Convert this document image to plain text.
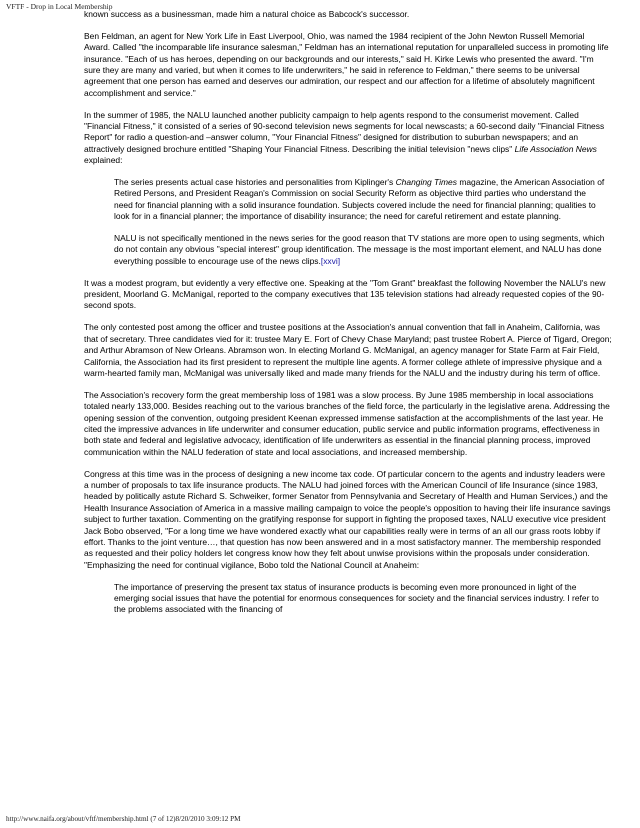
VFTF - Drop in Local Membership

known success as a businessman, made him a natural choice as Babcock's successor.

Ben Feldman, an agent for New York Life in East Liverpool, Ohio, was named the 1984 recipient of the John Newton Russell Memorial Award. Called "the incomparable life insurance salesman," Feldman has an international reputation for unparalleled success in promoting life insurance. "Each of us has heroes, depending on our backgrounds and our interests," said H. Kirke Lewis who presented the award. "I'm sure they are many and varied, but when it comes to life underwriters," he said in reference to Feldman," there seems to be universal agreement that one person has earned and deserves our admiration, our respect and our affection for a lifetime of absolutely magnificent accomplishment and service."

In the summer of 1985, the NALU launched another publicity campaign to help agents respond to the consumerist movement. Called "Financial Fitness," it consisted of a series of 90-second television news segments for local newscasts; a 60-second daily "Financial Fitness Report" for radio a question-and –answer column, "Your Financial Fitness" designed for distribution to suburban newspapers; and an attractively designed brochure entitled "Shaping Your Financial Fitness. Describing the initial television "news clips" Life Association News explained:

The series presents actual case histories and personalities from Kiplinger's Changing Times magazine, the American Association of Retired Persons, and President Reagan's Commission on social Security Reform as objective third parties who understand the need for financial planning with a solid insurance foundation. Subjects covered include the need for financial planning; qualities to look for in a financial planner; the importance of disability insurance; the need for careful retirement and estate planning.

NALU is not specifically mentioned in the news series for the good reason that TV stations are more open to using segments, which do not contain any obvious "special interest" group identification. The message is the most important element, and NALU has done everything possible to encourage use of the news clips.[xxvi]

It was a modest program, but evidently a very effective one. Speaking at the "Tom Grant" breakfast the following November the NALU's new president, Moorland G. McManigal, reported to the company executives that 135 television stations had already requested copies of the 90-second spots.

The only contested post among the officer and trustee positions at the Association's annual convention that fall in Anaheim, California, was that of secretary. Three candidates vied for it: trustee Mary E. Fort of Chevy Chase Maryland; past trustee Robert A. Pierce of Tigard, Oregon; and Arthur Abramson of New Orleans. Abramson won. In electing Morland G. McManigal, an agency manager for State Farm at Fair Field, California, the Association had its first president to represent the multiple line agents. A former college athlete of impressive physique and a warm-hearted family man, McManigal was universally liked and made many friends for the NALU and the industry during his term of office.

The Association's recovery form the great membership loss of 1981 was a slow process. By June 1985 membership in local associations totaled nearly 133,000. Besides reaching out to the various branches of the field force, the particularly in the legislative arena. Addressing the opening session of the convention, outgoing president Keenan expressed immense satisfaction at the accomplishments of the last year. He cited the impressive advances in life underwriter and consumer education, public service and public information programs, effectiveness in both state and federal and legislative advocacy, identification of life underwriters as essential in the financial planning process, improved communication within the NALU federation of state and local associations, and increased membership.

Congress at this time was in the process of designing a new income tax code. Of particular concern to the agents and industry leaders were a number of proposals to tax life insurance products. The NALU had joined forces with the American Council of life Insurance (since 1983, headed by politically astute Richard S. Schweiker, former Senator from Pennsylvania and Secretary of Health and Human Services,) and the Health Insurance Association of America in a massive mailing campaign to voice the people's opposition to having their life insurance savings subject to further taxation. Commenting on the gratifying response for support in fighting the proposed taxes, NALU executive vice president Jack Bobo observed, "For a long time we have wondered exactly what our capabilities really were in terms of an all our grass roots lobby if effort. Thanks to the joint venture…, that question has now been answered and in a most satisfactory manner. The membership responded as requested and their policy holders let congress know how they felt about unwise provisions within the proposals under consideration. "Emphasizing the need for continual vigilance, Bobo told the National Council at Anaheim:

The importance of preserving the present tax status of insurance products is becoming even more pronounced in light of the emerging social issues that have the potential for enormous consequences for society and the financial services industry. I refer to the problems associated with the financing of

http://www.naifa.org/about/vftf/membership.html (7 of 12)8/20/2010 3:09:12 PM
